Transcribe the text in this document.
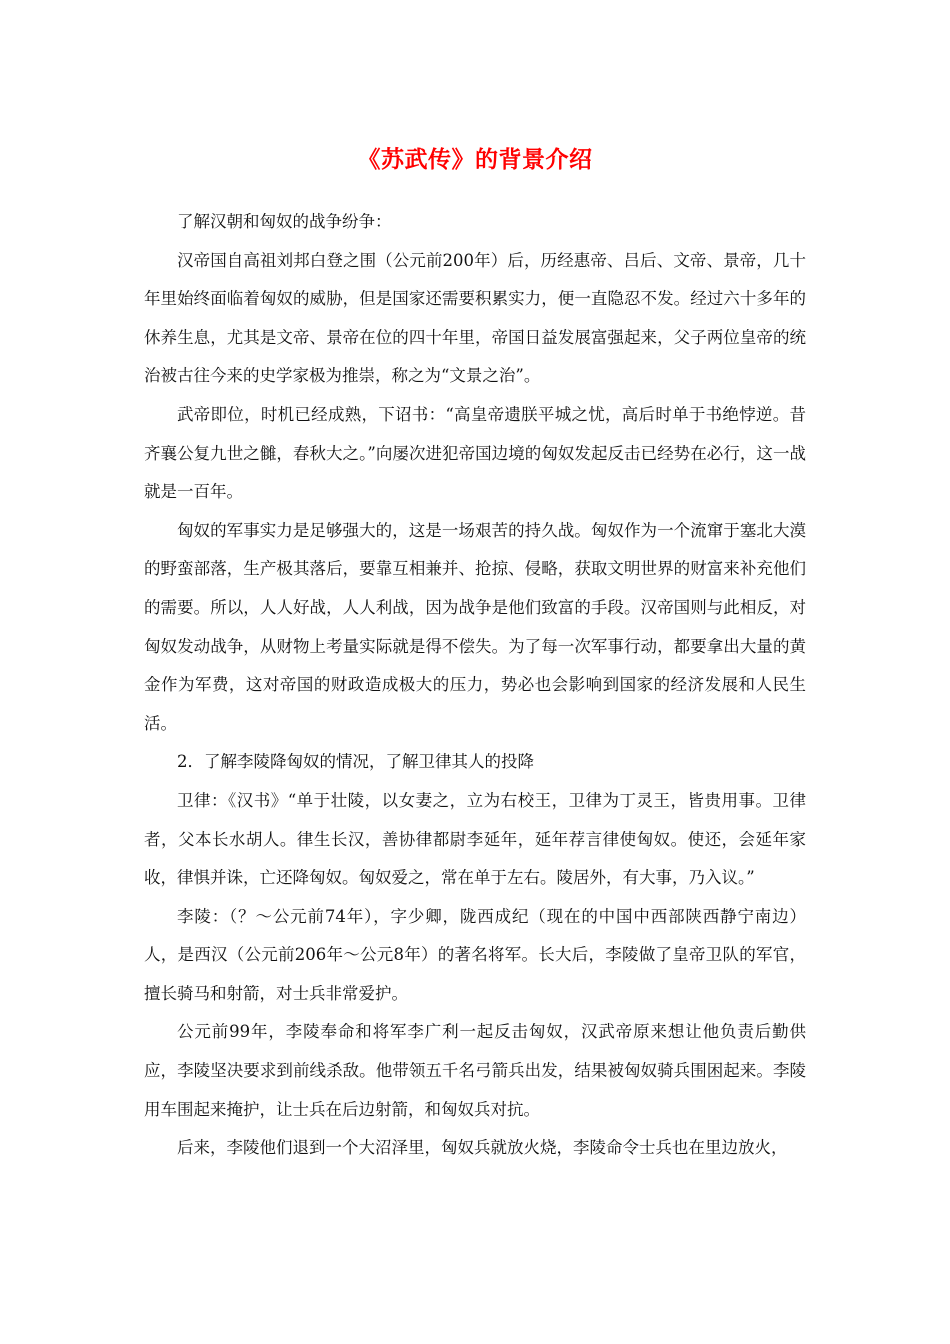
《苏武传》的背景介绍

了解汉朝和匈奴的战争纷争：

汉帝国自高祖刘邦白登之围（公元前200年）后，历经惠帝、吕后、文帝、景帝，几十年里始终面临着匈奴的威胁，但是国家还需要积累实力，便一直隐忍不发。经过六十多年的休养生息，尤其是文帝、景帝在位的四十年里，帝国日益发展富强起来，父子两位皇帝的统治被古往今来的史学家极为推崇，称之为“文景之治”。

武帝即位，时机已经成熟，下诏书：“高皇帝遗朕平城之忧，高后时单于书绝悖逆。昔齐襄公复九世之雠，春秋大之。”向屡次进犯帝国边境的匈奴发起反击已经势在必行，这一战就是一百年。

匈奴的军事实力是足够强大的，这是一场艰苦的持久战。匈奴作为一个流窜于塞北大漠的野蛮部落，生产极其落后，要靠互相兼并、抢掠、侵略，获取文明世界的财富来补充他们的需要。所以，人人好战，人人利战，因为战争是他们致富的手段。汉帝国则与此相反，对匈奴发动战争，从财物上考量实际就是得不偿失。为了每一次军事行动，都要拿出大量的黄金作为军费，这对帝国的财政造成极大的压力，势必也会影响到国家的经济发展和人民生活。

2．了解李陵降匈奴的情况，了解卫律其人的投降

卫律：《汉书》“单于壮陵，以女妻之，立为右校王，卫律为丁灵王，皆贵用事。卫律者，父本长水胡人。律生长汉，善协律都尉李延年，延年荐言律使匈奴。使还，会延年家收，律惧并诛，亡还降匈奴。匈奴爱之，常在单于左右。陵居外，有大事，乃入议。”

李陵：（？～公元前74年），字少卿，陇西成纪（现在的中国中西部陕西静宁南边）人，是西汉（公元前206年～公元8年）的著名将军。长大后，李陵做了皇帝卫队的军官，擅长骑马和射箭，对士兵非常爱护。

公元前99年，李陵奉命和将军李广利一起反击匈奴，汉武帝原来想让他负责后勤供应，李陵坚决要求到前线杀敌。他带领五千名弓箭兵出发，结果被匈奴骑兵围困起来。李陵用车围起来掩护，让士兵在后边射箭，和匈奴兵对抗。

后来，李陵他们退到一个大沼泽里，匈奴兵就放火烧，李陵命令士兵也在里边放火，
